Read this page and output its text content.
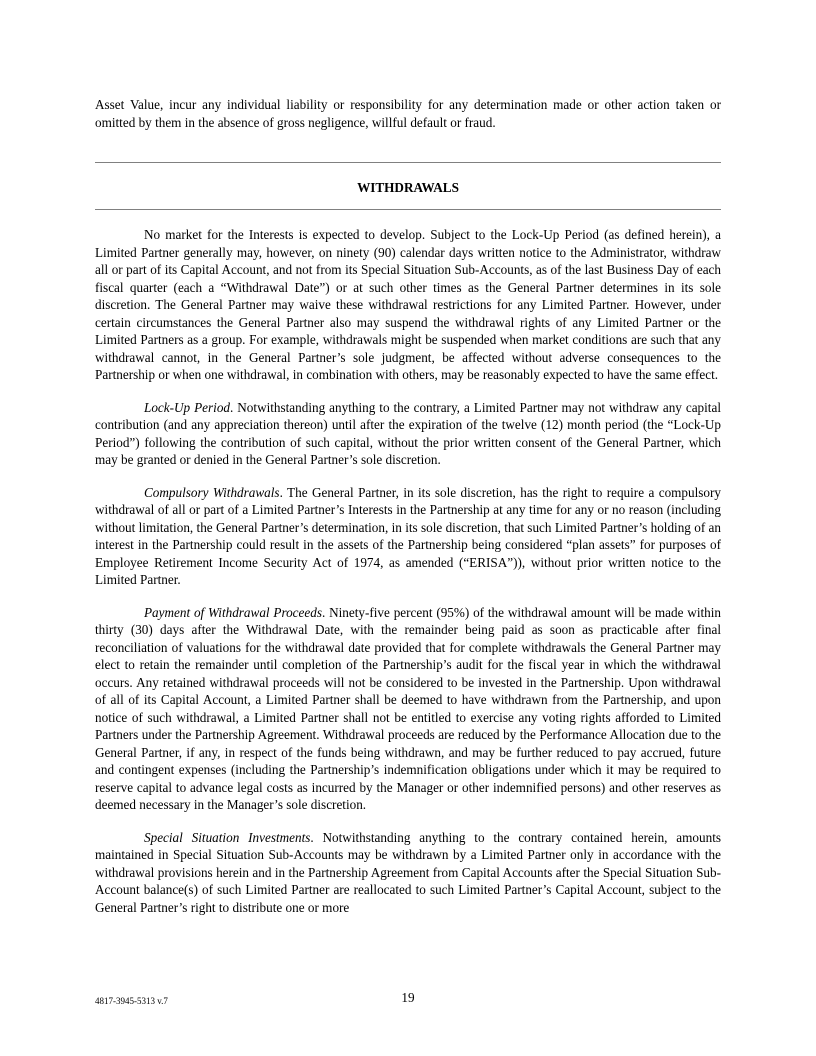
Asset Value, incur any individual liability or responsibility for any determination made or other action taken or omitted by them in the absence of gross negligence, willful default or fraud.

WITHDRAWALS

No market for the Interests is expected to develop. Subject to the Lock-Up Period (as defined herein), a Limited Partner generally may, however, on ninety (90) calendar days written notice to the Administrator, withdraw all or part of its Capital Account, and not from its Special Situation Sub-Accounts, as of the last Business Day of each fiscal quarter (each a “Withdrawal Date”) or at such other times as the General Partner determines in its sole discretion. The General Partner may waive these withdrawal restrictions for any Limited Partner. However, under certain circumstances the General Partner also may suspend the withdrawal rights of any Limited Partner or the Limited Partners as a group. For example, withdrawals might be suspended when market conditions are such that any withdrawal cannot, in the General Partner’s sole judgment, be affected without adverse consequences to the Partnership or when one withdrawal, in combination with others, may be reasonably expected to have the same effect.

Lock-Up Period. Notwithstanding anything to the contrary, a Limited Partner may not withdraw any capital contribution (and any appreciation thereon) until after the expiration of the twelve (12) month period (the “Lock-Up Period”) following the contribution of such capital, without the prior written consent of the General Partner, which may be granted or denied in the General Partner’s sole discretion.

Compulsory Withdrawals. The General Partner, in its sole discretion, has the right to require a compulsory withdrawal of all or part of a Limited Partner’s Interests in the Partnership at any time for any or no reason (including without limitation, the General Partner’s determination, in its sole discretion, that such Limited Partner’s holding of an interest in the Partnership could result in the assets of the Partnership being considered “plan assets” for purposes of Employee Retirement Income Security Act of 1974, as amended (“ERISA”)), without prior written notice to the Limited Partner.

Payment of Withdrawal Proceeds. Ninety-five percent (95%) of the withdrawal amount will be made within thirty (30) days after the Withdrawal Date, with the remainder being paid as soon as practicable after final reconciliation of valuations for the withdrawal date provided that for complete withdrawals the General Partner may elect to retain the remainder until completion of the Partnership’s audit for the fiscal year in which the withdrawal occurs. Any retained withdrawal proceeds will not be considered to be invested in the Partnership. Upon withdrawal of all of its Capital Account, a Limited Partner shall be deemed to have withdrawn from the Partnership, and upon notice of such withdrawal, a Limited Partner shall not be entitled to exercise any voting rights afforded to Limited Partners under the Partnership Agreement. Withdrawal proceeds are reduced by the Performance Allocation due to the General Partner, if any, in respect of the funds being withdrawn, and may be further reduced to pay accrued, future and contingent expenses (including the Partnership’s indemnification obligations under which it may be required to reserve capital to advance legal costs as incurred by the Manager or other indemnified persons) and other reserves as deemed necessary in the Manager’s sole discretion.

Special Situation Investments. Notwithstanding anything to the contrary contained herein, amounts maintained in Special Situation Sub-Accounts may be withdrawn by a Limited Partner only in accordance with the withdrawal provisions herein and in the Partnership Agreement from Capital Accounts after the Special Situation Sub-Account balance(s) of such Limited Partner are reallocated to such Limited Partner’s Capital Account, subject to the General Partner’s right to distribute one or more

4817-3945-5313 v.7	19
